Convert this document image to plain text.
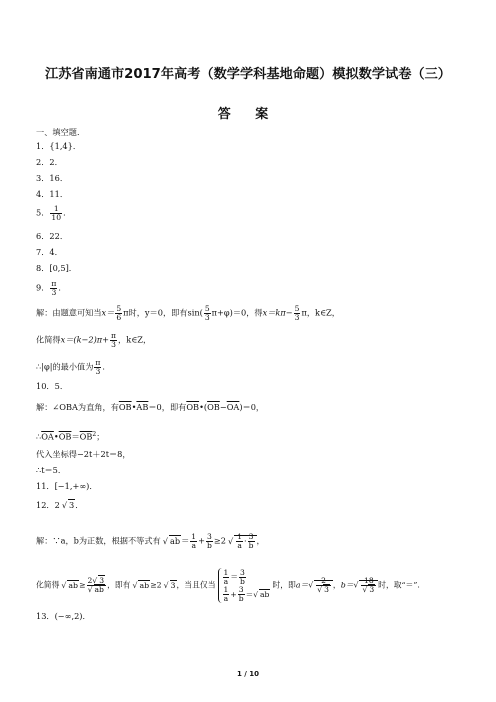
江苏省南通市2017年高考（数学学科基地命题）模拟数学试卷（三）
答 案
一、填空题．
1．{1,4}．
2．2．
3．16．
4．11．
5． $\frac{1}{10}$ ．
6．22．
7．4．
8．[0,5]．
9． $\frac{\pi}{3}$ ．
解：由题意可知当$x= \frac{5}{6}$ π时，y＝0，即有$\sin( \frac{5}{3} \pi+\varphi)=0$，得$x=k\pi- \frac{5}{3}$ π，k∈Z，
化简得$x=(k-2)\pi+ \frac{\pi}{3}$ ，k∈Z，
∴|φ|的最小值为 $\frac{\pi}{3}$ ．
10．5．
解：∠OBA为直角，有$\overline{OB}•\overline{AB}=0$，即有$\overline{OB}•(\overline{OB}-\overline{OA})=0$，
$\therefore\overline{OA}•\overline{OB}=\overline{OB}^2$；
代入坐标得−2t＋2t＝8，
∴t＝5．
11．[−1,+∞)．
12．2 √ 3．
解：∵a，b为正数，根据不等式有 √ $ab= \frac{1}{a} + \frac{3}{b} \ge 2$ √ $\frac{1}{a} \cdot \frac{3}{b}$ ，
化简得 √ $ab\ge \frac{2√ 3}{√ ab}$ ，即有 √ ab≥2 √ 3，当且仅当 $\frac{1}{a} = \frac{3}{b}$
$\frac{1}{a} + \frac{3}{b}$ ＝√ ab
时，即$a=√ \frac{2}{√ 3}$ ，$b=√ \frac{18}{√ 3}$ 时，取“＝”．
13．(−∞,2)．
1 / 10
